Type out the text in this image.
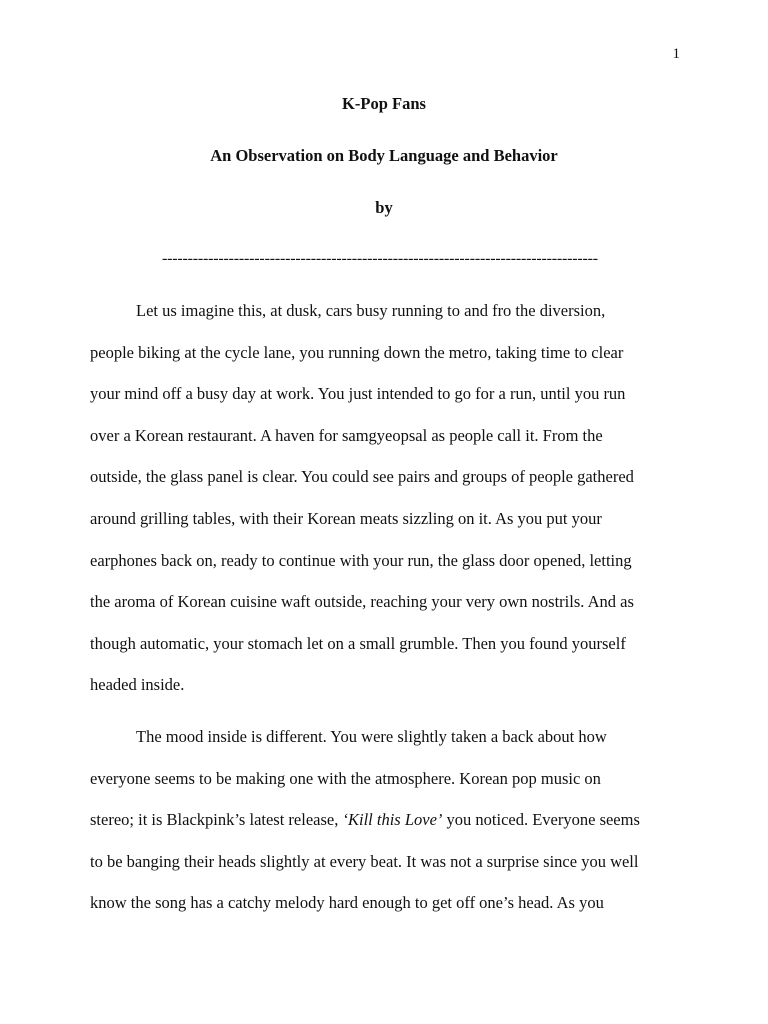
1
K-Pop Fans
An Observation on Body Language and Behavior
by
-------------------------------------------------------------------------------------
Let us imagine this, at dusk, cars busy running to and fro the diversion,
people biking at the cycle lane, you running down the metro, taking time to clear
your mind off a busy day at work. You just intended to go for a run, until you run
over a Korean restaurant. A haven for samgyeopsal as people call it. From the
outside, the glass panel is clear. You could see pairs and groups of people gathered
around grilling tables, with their Korean meats sizzling on it. As you put your
earphones back on, ready to continue with your run, the glass door opened, letting
the aroma of Korean cuisine waft outside, reaching your very own nostrils. And as
though automatic, your stomach let on a small grumble. Then you found yourself
headed inside.
The mood inside is different. You were slightly taken a back about how
everyone seems to be making one with the atmosphere. Korean pop music on
stereo; it is Blackpink’s latest release, ‘Kill this Love’ you noticed. Everyone seems
to be banging their heads slightly at every beat. It was not a surprise since you well
know the song has a catchy melody hard enough to get off one’s head. As you
